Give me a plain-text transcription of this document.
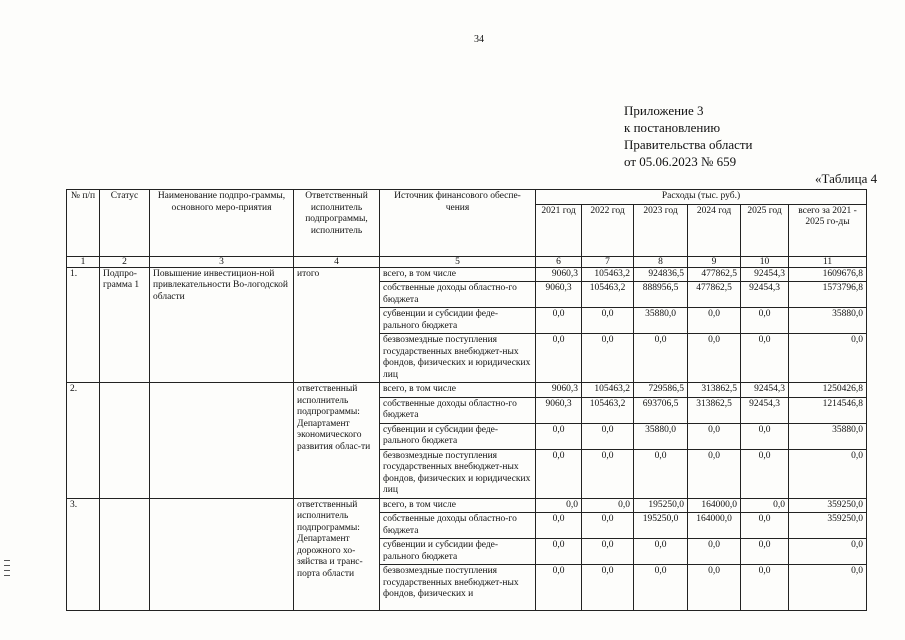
34
Приложение 3
к постановлению
Правительства области
от 05.06.2023 № 659
«Таблица 4
№ п/п	Статус	Наименование подпро-граммы, основного меро-приятия	Ответственный исполнитель подпрограммы, исполнитель	Источник финансового обеспе-чения	Расходы (тыс. руб.)					
					2021 год	2022 год	2023 год	2024 год	2025 год	всего за 2021 - 2025 го-ды
1	2	3	4	5	6	7	8	9	10	11
1.	Подпро-грамма 1	Повышение инвестицион-ной привлекательности Во-логодской области	итого	всего, в том числе	9060,3	105463,2	924836,5	477862,5	92454,3	1609676,8
				собственные доходы областно-го бюджета	9060,3	105463,2	888956,5	477862,5	92454,3	1573796,8
				субвенции и субсидии феде-рального бюджета	0,0	0,0	35880,0	0,0	0,0	35880,0
				безвозмездные поступления государственных внебюджет-ных фондов, физических и юридических лиц	0,0	0,0	0,0	0,0	0,0	0,0
2.			ответственный исполнитель подпрограммы: Департамент экономического развития облас-ти	всего, в том числе	9060,3	105463,2	729586,5	313862,5	92454,3	1250426,8
				собственные доходы областно-го бюджета	9060,3	105463,2	693706,5	313862,5	92454,3	1214546,8
				субвенции и субсидии феде-рального бюджета	0,0	0,0	35880,0	0,0	0,0	35880,0
				безвозмездные поступления государственных внебюджет-ных фондов, физических и юридических лиц	0,0	0,0	0,0	0,0	0,0	0,0
3.			ответственный исполнитель подпрограммы: Департамент дорожного хо-зяйства и транс-порта области	всего, в том числе	0,0	0,0	195250,0	164000,0	0,0	359250,0
				собственные доходы областно-го бюджета	0,0	0,0	195250,0	164000,0	0,0	359250,0
				субвенции и субсидии феде-рального бюджета	0,0	0,0	0,0	0,0	0,0	0,0
				безвозмездные поступления государственных внебюджет-ных фондов, физических и	0,0	0,0	0,0	0,0	0,0	0,0
